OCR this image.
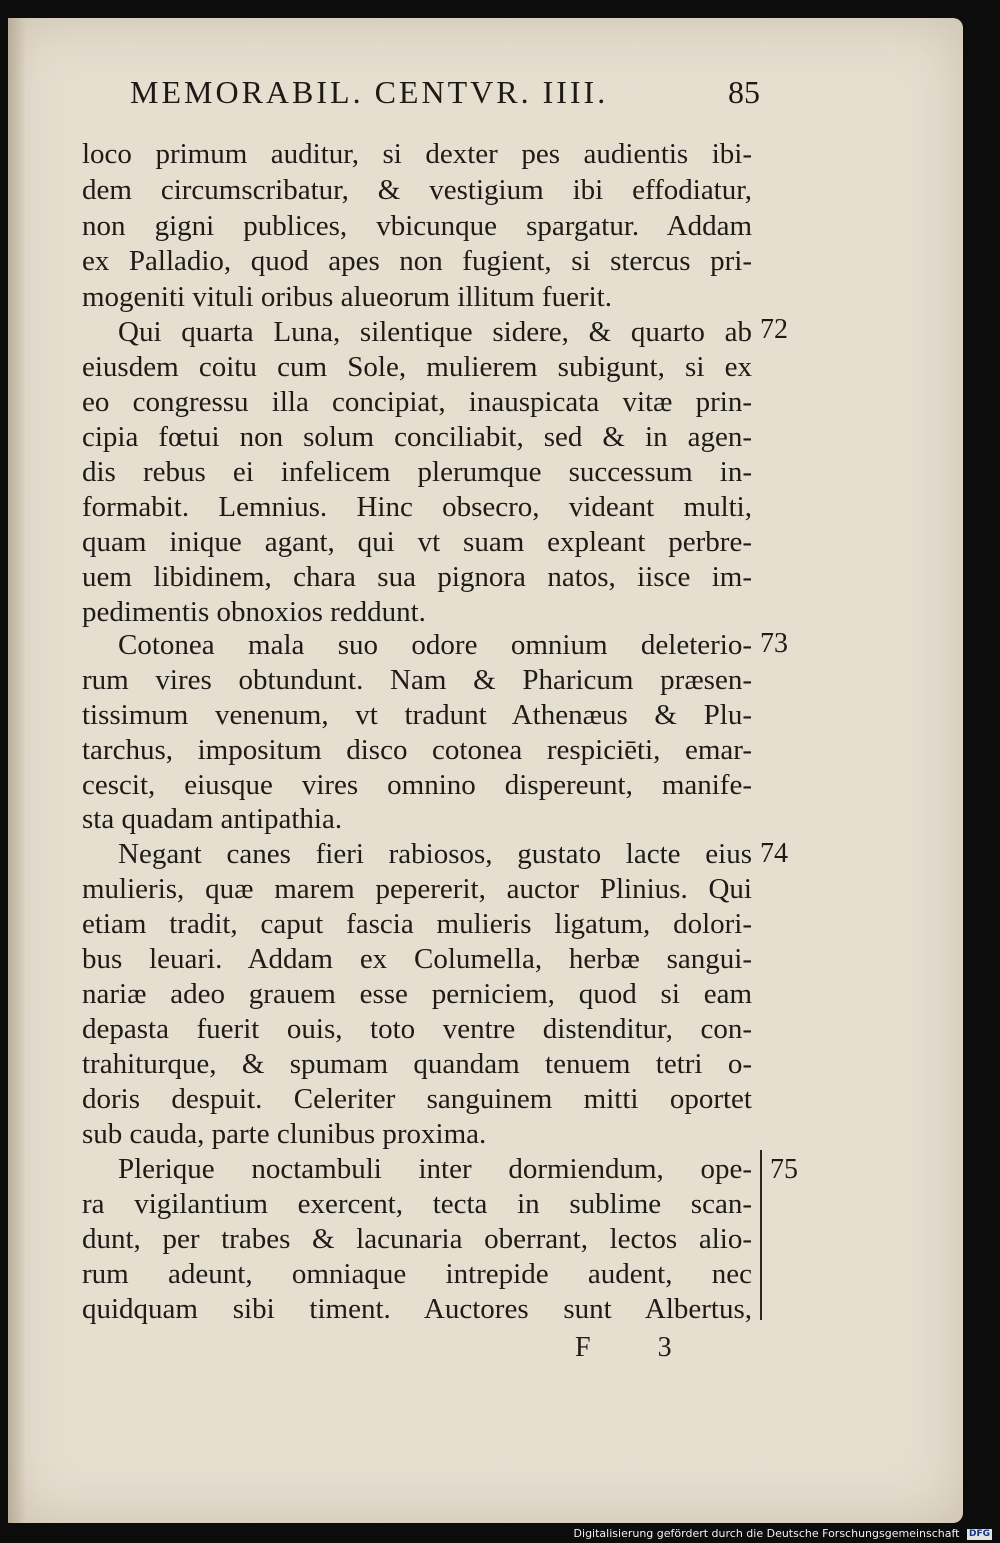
MEMORABIL. CENTVR. IIII.	85
loco primum auditur, si dexter pes audientis ibi-
dem circumscribatur, & vestigium ibi effodiatur,
non gigni publices, vbicunque spargatur. Addam
ex Palladio, quod apes non fugient, si stercus pri-
mogeniti vituli oribus alueorum illitum fuerit.
Qui quarta Luna, silentique sidere, & quarto ab
eiusdem coitu cum Sole, mulierem subigunt, si ex
eo congressu illa concipiat, inauspicata vitæ prin-
cipia fœtui non solum conciliabit, sed & in agen-
dis rebus ei infelicem plerumque successum in-
formabit. Lemnius. Hinc obsecro, videant multi,
quam inique agant, qui vt suam expleant perbre-
uem libidinem, chara sua pignora natos, iisce im-
pedimentis obnoxios reddunt.
Cotonea mala suo odore omnium deleterio-
rum vires obtundunt. Nam & Pharicum præsen-
tissimum venenum, vt tradunt Athenæus & Plu-
tarchus, impositum disco cotonea respiciēti, emar-
cescit, eiusque vires omnino dispereunt, manife-
sta quadam antipathia.
Negant canes fieri rabiosos, gustato lacte eius
mulieris, quæ marem pepererit, auctor Plinius. Qui
etiam tradit, caput fascia mulieris ligatum, dolori-
bus leuari. Addam ex Columella, herbæ sangui-
nariæ adeo grauem esse perniciem, quod si eam
depasta fuerit ouis, toto ventre distenditur, con-
trahiturque, & spumam quandam tenuem tetri o-
doris despuit. Celeriter sanguinem mitti oportet
sub cauda, parte clunibus proxima.
Plerique noctambuli inter dormiendum, ope-
ra vigilantium exercent, tecta in sublime scan-
dunt, per trabes & lacunaria oberrant, lectos alio-
rum adeunt, omniaque intrepide audent, nec
quidquam sibi timent. Auctores sunt Albertus,
72
73
74
75
F 3
Digitalisierung gefördert durch die Deutsche Forschungsgemeinschaft DFG
